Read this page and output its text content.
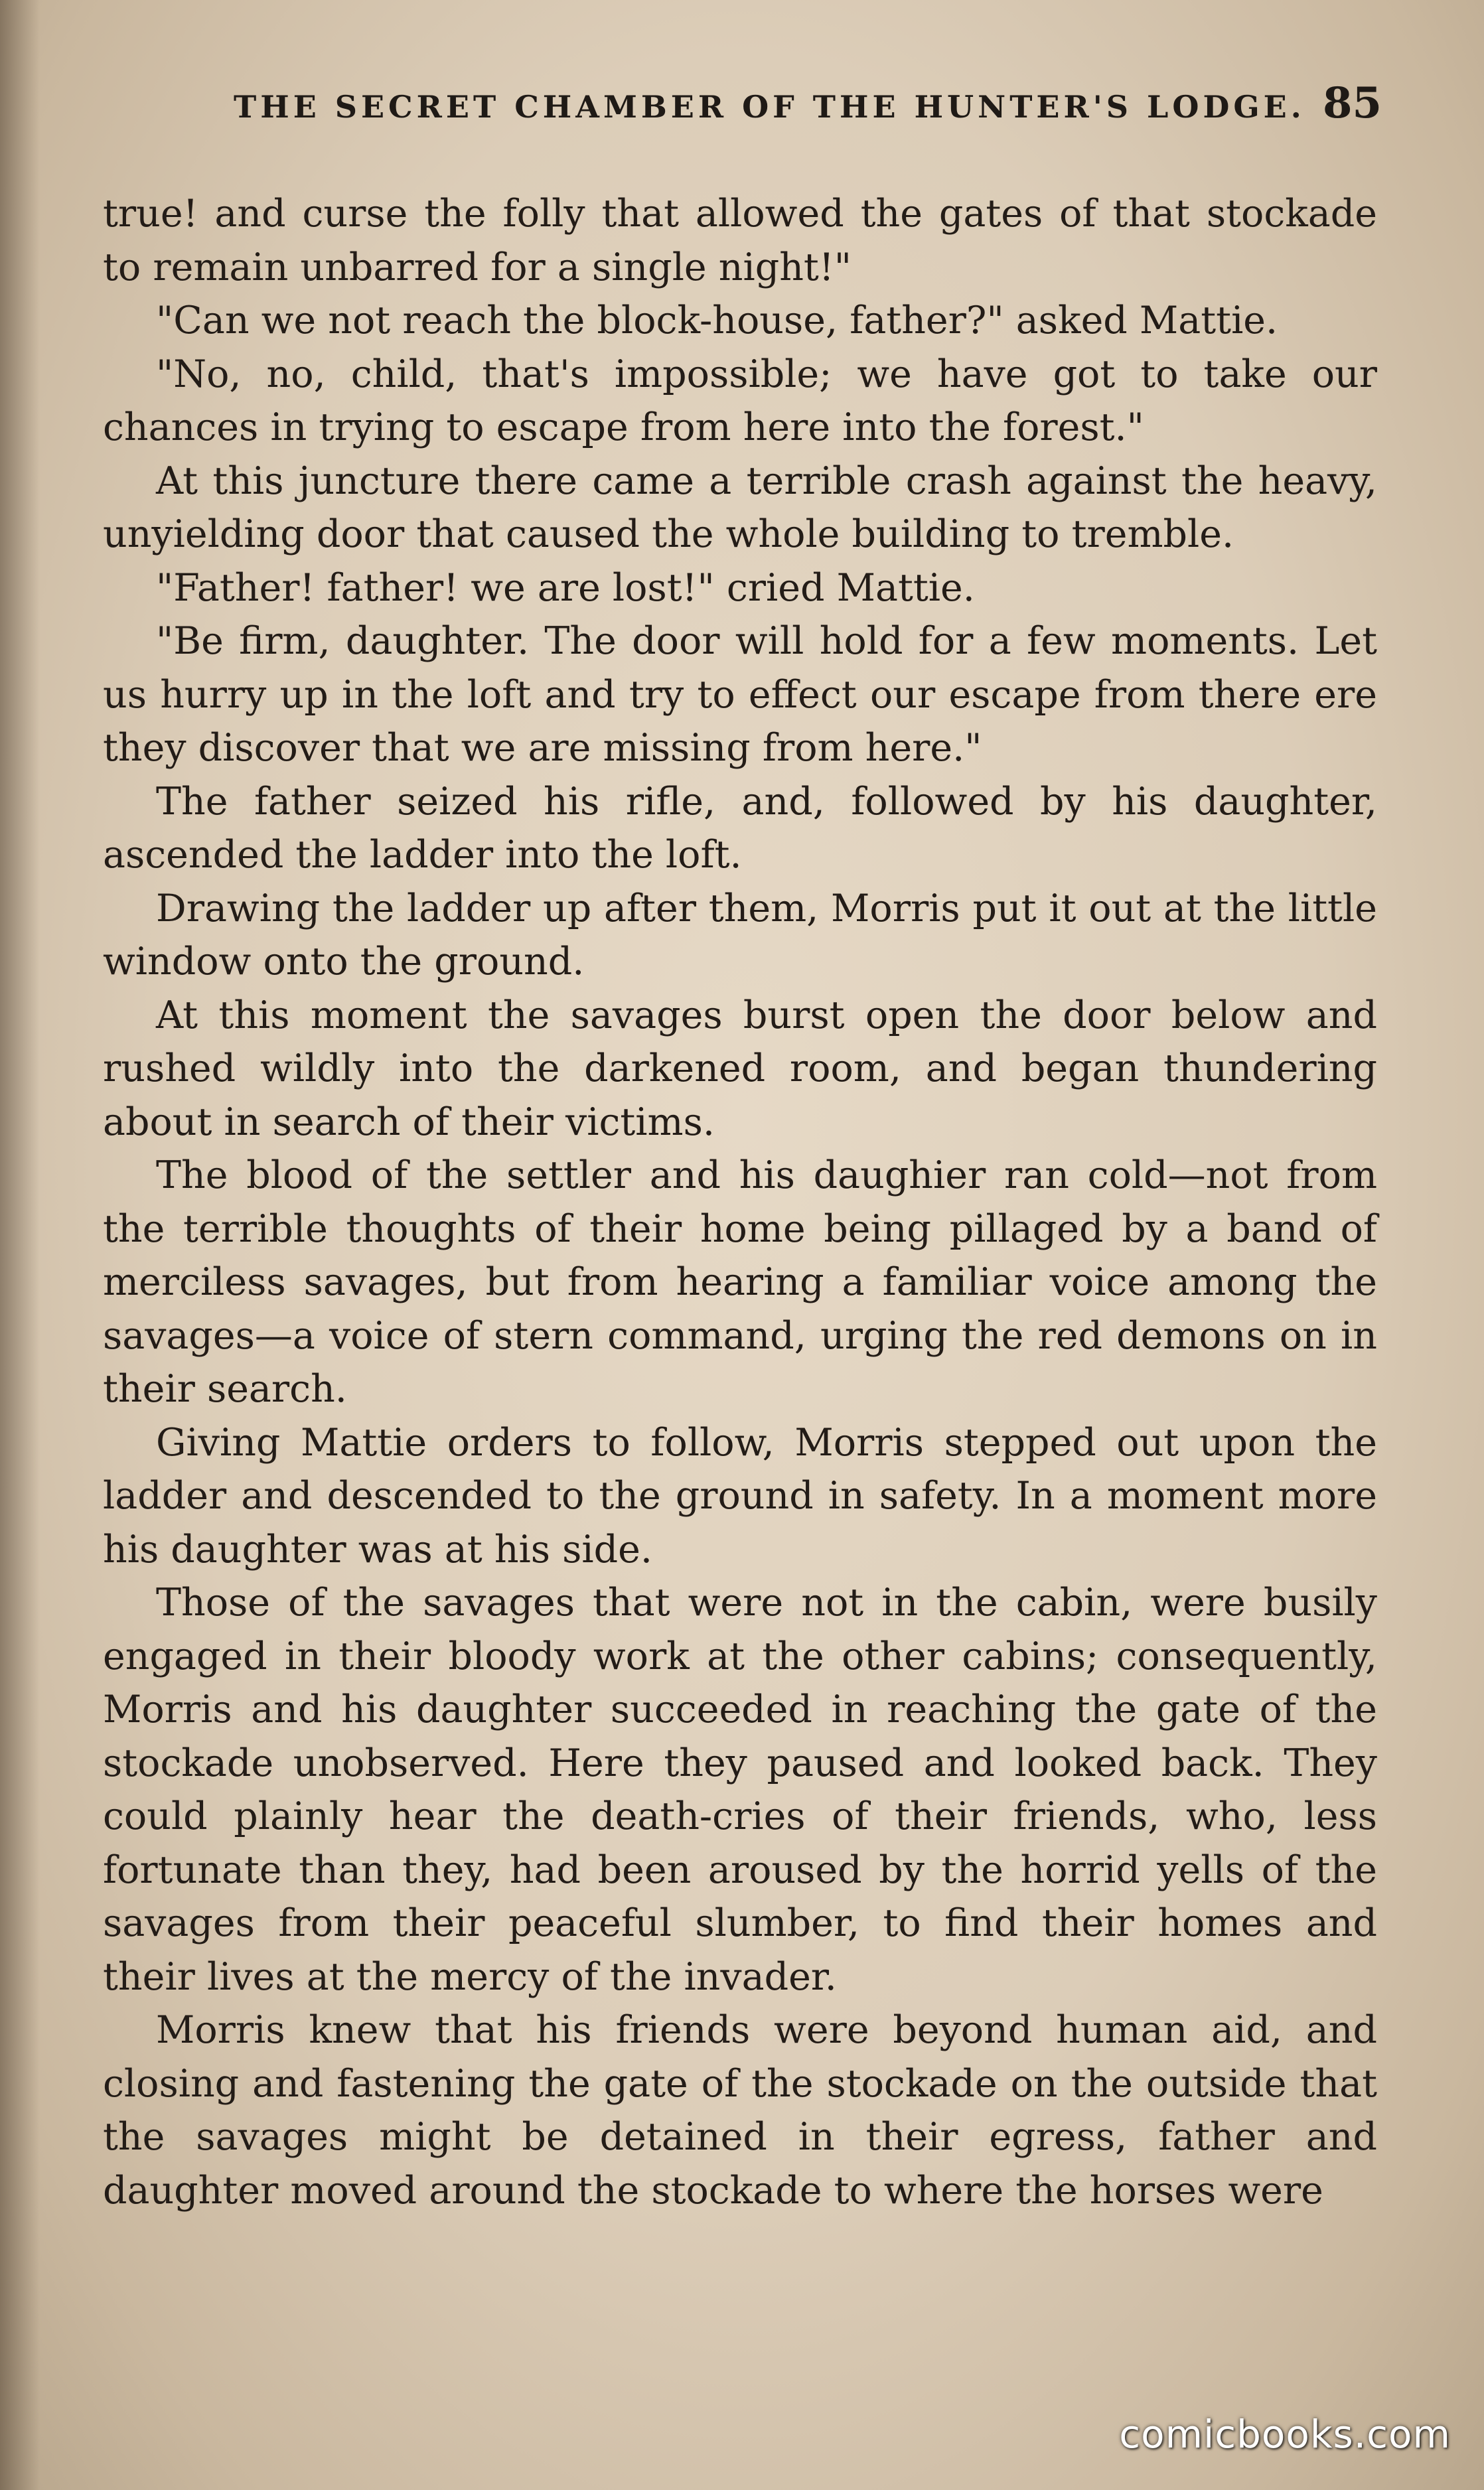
THE SECRET CHAMBER OF THE HUNTER'S LODGE. 85

true! and curse the folly that allowed the gates of that stockade to remain unbarred for a single night!"

"Can we not reach the block-house, father?" asked Mattie.

"No, no, child, that's impossible; we have got to take our chances in trying to escape from here into the forest."

At this juncture there came a terrible crash against the heavy, unyielding door that caused the whole building to tremble.

"Father! father! we are lost!" cried Mattie.

"Be firm, daughter. The door will hold for a few moments. Let us hurry up in the loft and try to effect our escape from there ere they discover that we are missing from here."

The father seized his rifle, and, followed by his daughter, ascended the ladder into the loft.

Drawing the ladder up after them, Morris put it out at the little window onto the ground.

At this moment the savages burst open the door below and rushed wildly into the darkened room, and began thundering about in search of their victims.

The blood of the settler and his daughier ran cold—not from the terrible thoughts of their home being pillaged by a band of merciless savages, but from hearing a familiar voice among the savages—a voice of stern command, urging the red demons on in their search.

Giving Mattie orders to follow, Morris stepped out upon the ladder and descended to the ground in safety. In a moment more his daughter was at his side.

Those of the savages that were not in the cabin, were busily engaged in their bloody work at the other cabins; consequently, Morris and his daughter succeeded in reaching the gate of the stockade unobserved. Here they paused and looked back. They could plainly hear the death-cries of their friends, who, less fortunate than they, had been aroused by the horrid yells of the savages from their peaceful slumber, to find their homes and their lives at the mercy of the invader.

Morris knew that his friends were beyond human aid, and closing and fastening the gate of the stockade on the outside that the savages might be detained in their egress, father and daughter moved around the stockade to where the horses were

comicbooks.com
